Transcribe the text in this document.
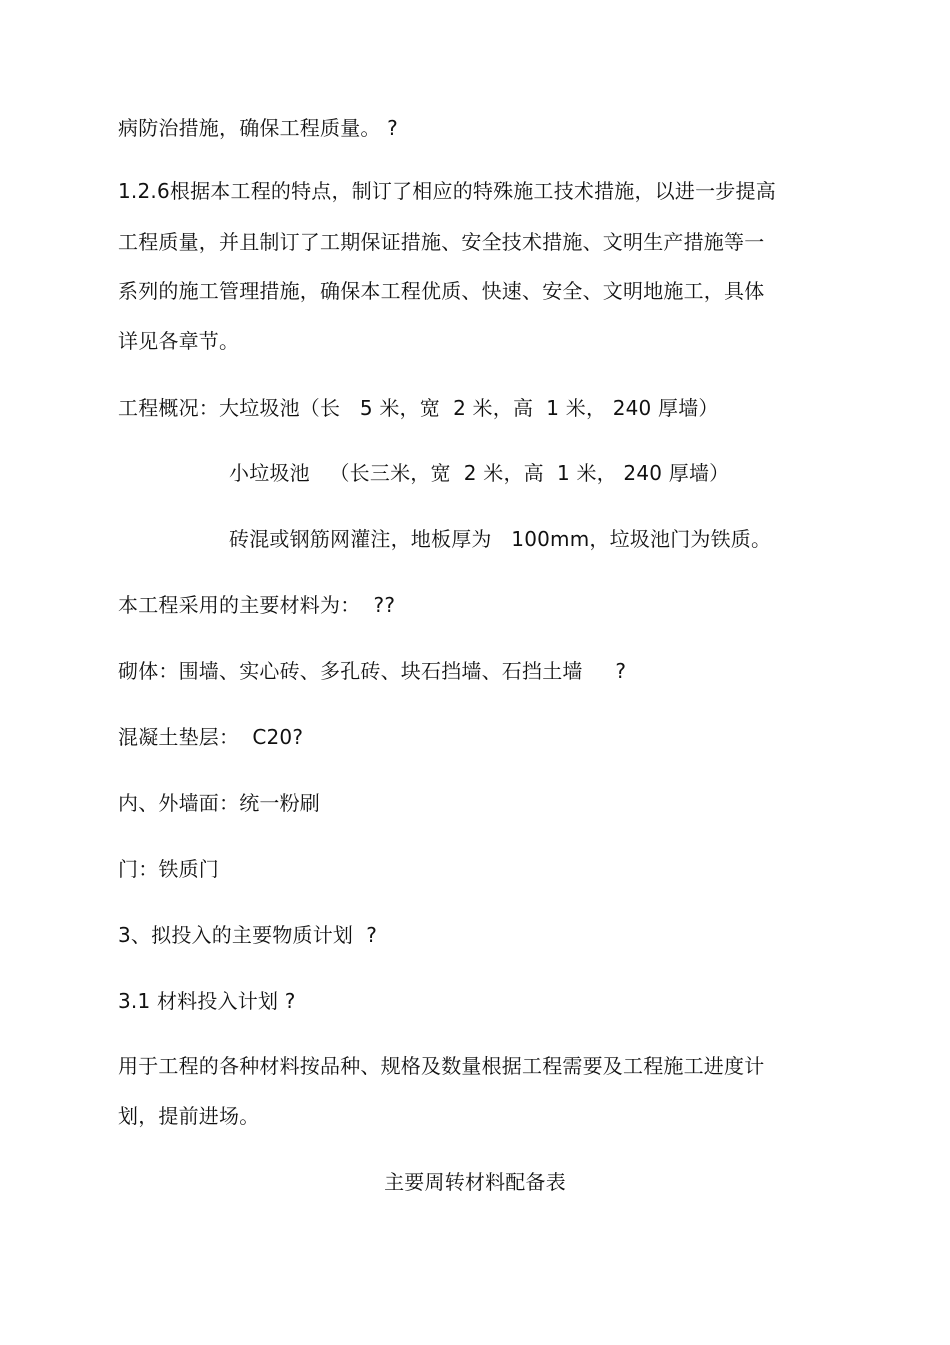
病防治措施，确保工程质量。 ?
1.2.6根据本工程的特点，制订了相应的特殊施工技术措施，以进一步提高
工程质量，并且制订了工期保证措施、安全技术措施、文明生产措施等一
系列的施工管理措施，确保本工程优质、快速、安全、文明地施工，具体
详见各章节。
工程概况：大垃圾池（长   5 米，宽  2 米，高  1 米， 240 厚墙）
小垃圾池   （长三米，宽  2 米，高  1 米， 240 厚墙）
砖混或钢筋网灌注，地板厚为   100mm，垃圾池门为铁质。
本工程采用的主要材料为：  ??
砌体：围墙、实心砖、多孔砖、块石挡墙、石挡土墙     ?
混凝土垫层：  C20?
内、外墙面：统一粉刷
门：铁质门
3、拟投入的主要物质计划  ?
3.1 材料投入计划 ?
用于工程的各种材料按品种、规格及数量根据工程需要及工程施工进度计
划，提前进场。
主要周转材料配备表
